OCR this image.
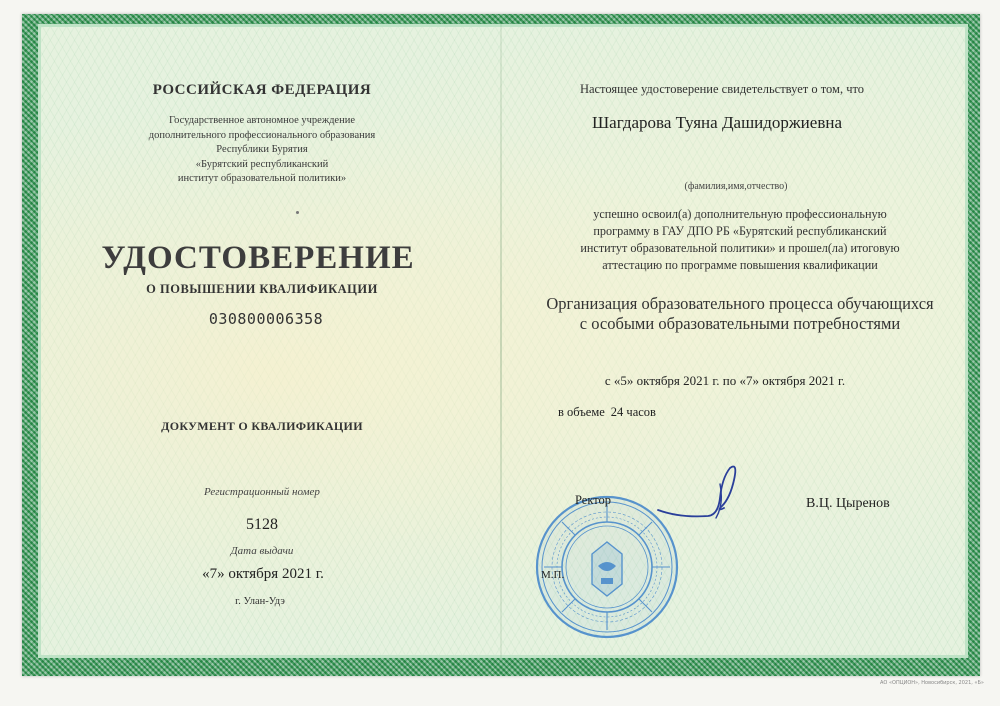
РОССИЙСКАЯ ФЕДЕРАЦИЯ
Государственное автономное учреждение
дополнительного профессионального образования
Республики Бурятия
«Бурятский республиканский
институт образовательной политики»
УДОСТОВЕРЕНИЕ
О ПОВЫШЕНИИ КВАЛИФИКАЦИИ
030800006358
ДОКУМЕНТ О КВАЛИФИКАЦИИ
Регистрационный номер
5128
Дата выдачи
«7» октября 2021 г.
г. Улан-Удэ
Настоящее удостоверение свидетельствует о том, что
Шагдарова Туяна Дашидоржиевна
(фамилия,имя,отчество)
успешно освоил(а) дополнительную профессиональную
программу в ГАУ ДПО РБ «Бурятский республиканский
институт образовательной политики» и прошел(ла) итоговую
аттестацию по программе повышения квалификации
Организация образовательного процесса обучающихся
с особыми образовательными потребностями
с «5» октября 2021 г. по «7» октября 2021 г.
в объеме 24 часов
Ректор	В.Ц. Цыренов
М.П.
АО «ОПЦИОН», Новосибирск, 2021, «Б»
